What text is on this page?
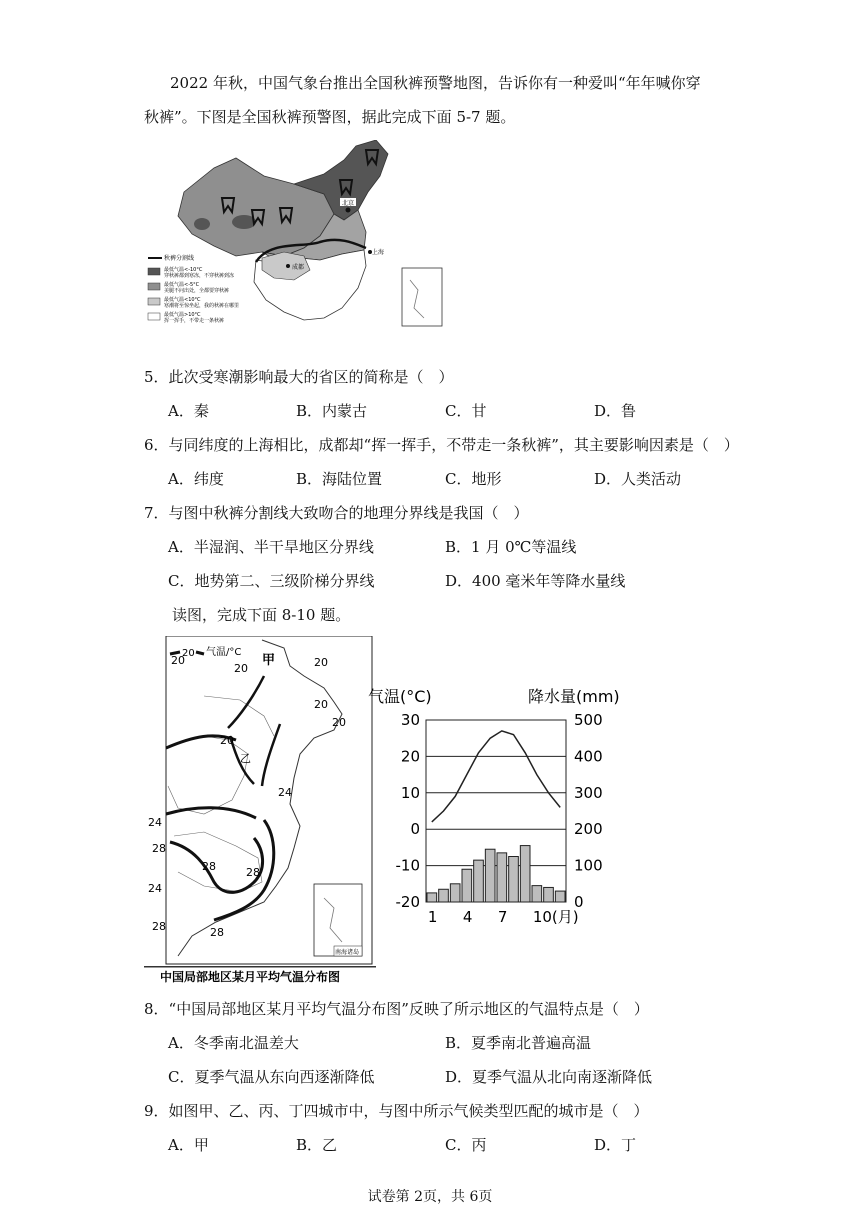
2022 年秋，中国气象台推出全国秋裤预警地图，告诉你有一种爱叫“年年喊你穿
秋裤”。下图是全国秋裤预警图，据此完成下面 5-7 题。
北京
上海
成都
秋裤分割线
最低气温<-10°C
穿秋裤都到寒冻，不穿秋裤到冻
最低气温<-5°C
美腿不问出处，全都要穿秋裤
最低气温<10°C
寒潮将至惊坐起，我的秋裤在哪里
最低气温>10°C
挥一挥手，不带走一条秋裤
5．此次受寒潮影响最大的省区的简称是（　）
A．秦	B．内蒙古	C．甘	D．鲁
6．与同纬度的上海相比，成都却“挥一挥手，不带走一条秋裤”，其主要影响因素是（　）
A．纬度	B．海陆位置	C．地形	D．人类活动
7．与图中秋裤分割线大致吻合的地理分界线是我国（　）
A．半湿润、半干旱地区分界线	B．1 月 0℃等温线
C．地势第二、三级阶梯分界线	D．400 毫米年等降水量线
读图，完成下面 8-10 题。
20 气温/°C
20
20	20
20
20
20
24
24
28
24
28
28	28
28
甲
乙
南海诸岛
中国局部地区某月平均气温分布图
气温(°C)	降水量(mm)
30
20
10
0
-10
-20
500
400
300
200
100
0
1 4 7 10(月)
8．“中国局部地区某月平均气温分布图”反映了所示地区的气温特点是（　）
A．冬季南北温差大	B．夏季南北普遍高温
C．夏季气温从东向西逐渐降低	D．夏季气温从北向南逐渐降低
9．如图甲、乙、丙、丁四城市中，与图中所示气候类型匹配的城市是（　）
A．甲	B．乙	C．丙	D．丁
试卷第 2页，共 6页
